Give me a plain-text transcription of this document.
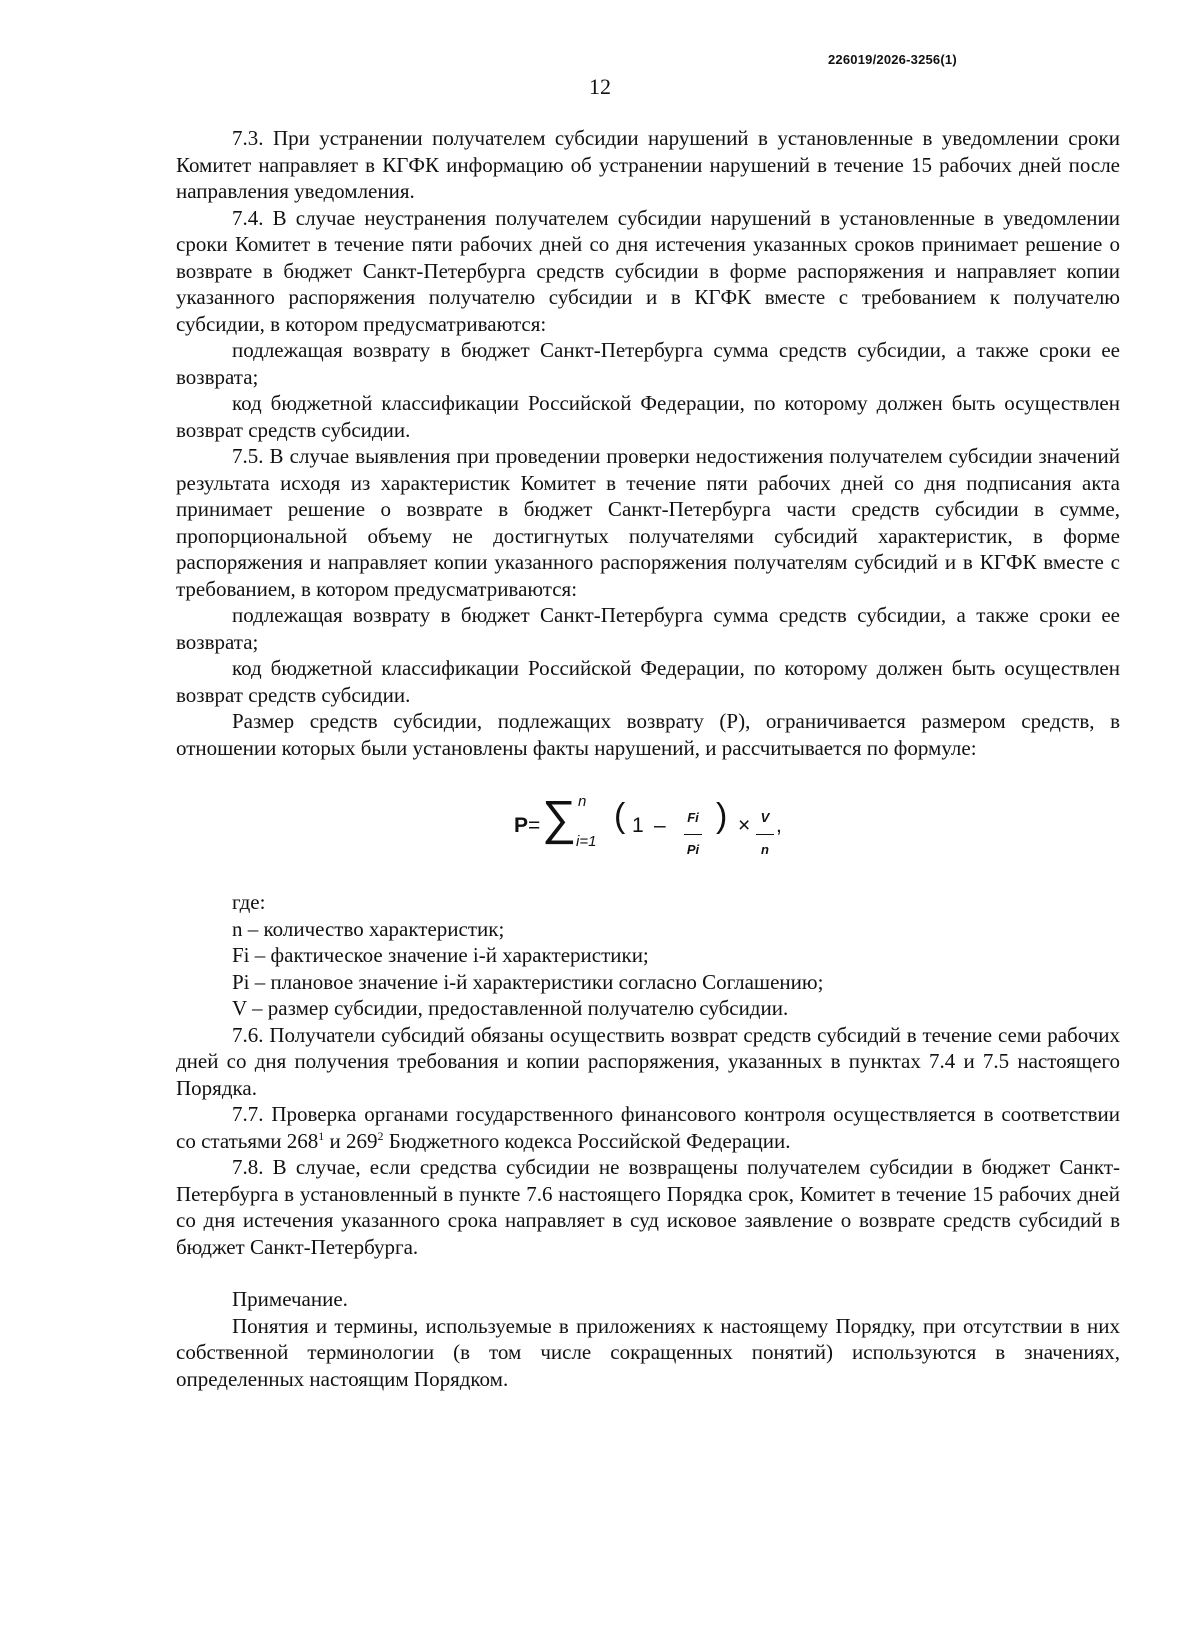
226019/2026-3256(1)
12

7.3. При устранении получателем субсидии нарушений в установленные в уведомлении сроки Комитет направляет в КГФК информацию об устранении нарушений в течение 15 рабочих дней после направления уведомления.

7.4. В случае неустранения получателем субсидии нарушений в установленные в уведомлении сроки Комитет в течение пяти рабочих дней со дня истечения указанных сроков принимает решение о возврате в бюджет Санкт-Петербурга средств субсидии в форме распоряжения и направляет копии указанного распоряжения получателю субсидии и в КГФК вместе с требованием к получателю субсидии, в котором предусматриваются:

подлежащая возврату в бюджет Санкт-Петербурга сумма средств субсидии, а также сроки ее возврата;

код бюджетной классификации Российской Федерации, по которому должен быть осуществлен возврат средств субсидии.

7.5. В случае выявления при проведении проверки недостижения получателем субсидии значений результата исходя из характеристик Комитет в течение пяти рабочих дней со дня подписания акта принимает решение о возврате в бюджет Санкт-Петербурга части средств субсидии в сумме, пропорциональной объему не достигнутых получателями субсидий характеристик, в форме распоряжения и направляет копии указанного распоряжения получателям субсидий и в КГФК вместе с требованием, в котором предусматриваются:

подлежащая возврату в бюджет Санкт-Петербурга сумма средств субсидии, а также сроки ее возврата;

код бюджетной классификации Российской Федерации, по которому должен быть осуществлен возврат средств субсидии.

Размер средств субсидии, подлежащих возврату (Р), ограничивается размером средств, в отношении которых были установлены факты нарушений, и рассчитывается по формуле:

P = ∑ n
i=1
( 1 – Fi
Pi
) × V
n
,

где:

n – количество характеристик;

Fi – фактическое значение i-й характеристики;

Pi – плановое значение i-й характеристики согласно Соглашению;

V – размер субсидии, предоставленной получателю субсидии.

7.6. Получатели субсидий обязаны осуществить возврат средств субсидий в течение семи рабочих дней со дня получения требования и копии распоряжения, указанных в пунктах 7.4 и 7.5 настоящего Порядка.

7.7. Проверка органами государственного финансового контроля осуществляется в соответствии со статьями $268^1$ и $269^2$ Бюджетного кодекса Российской Федерации.

7.8. В случае, если средства субсидии не возвращены получателем субсидии в бюджет Санкт-Петербурга в установленный в пункте 7.6 настоящего Порядка срок, Комитет в течение 15 рабочих дней со дня истечения указанного срока направляет в суд исковое заявление о возврате средств субсидий в бюджет Санкт-Петербурга.

Примечание.

Понятия и термины, используемые в приложениях к настоящему Порядку, при отсутствии в них собственной терминологии (в том числе сокращенных понятий) используются в значениях, определенных настоящим Порядком.
